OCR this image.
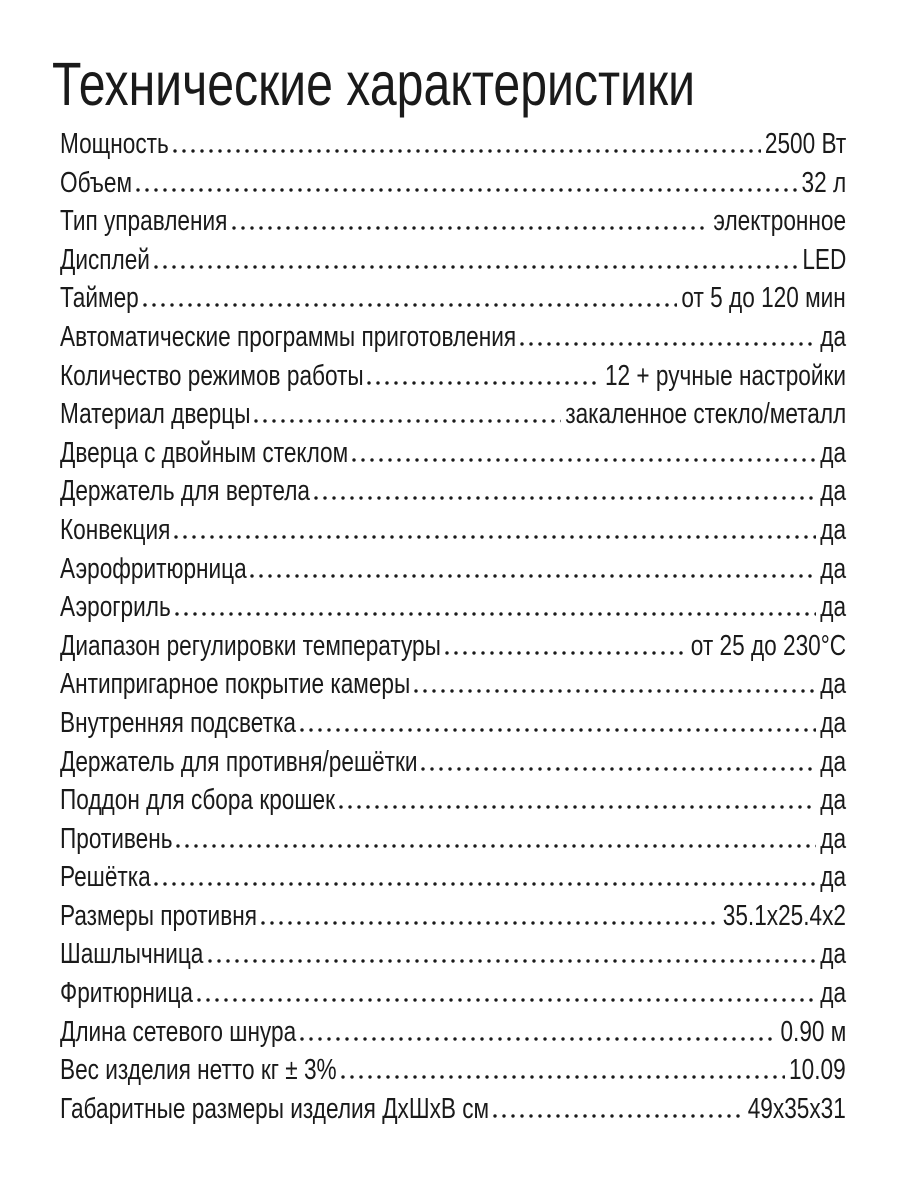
Технические характеристики
Мощность	2500 Вт
Объем	32 л
Тип управления	электронное
Дисплей	LED
Таймер	от 5 до 120 мин
Автоматические программы приготовления	да
Количество режимов работы	12 + ручные настройки
Материал дверцы	закаленное стекло/металл
Дверца с двойным стеклом	да
Держатель для вертела	да
Конвекция	да
Аэрофритюрница	да
Аэрогриль	да
Диапазон регулировки температуры	от 25 до 230°С
Антипригарное покрытие камеры	да
Внутренняя подсветка	да
Держатель для противня/решётки	да
Поддон для сбора крошек	да
Противень	да
Решётка	да
Размеры противня	35.1х25.4х2
Шашлычница	да
Фритюрница	да
Длина сетевого шнура	0.90 м
Вес изделия нетто кг ± 3%	10.09
Габаритные размеры изделия ДхШхВ см	49х35х31
